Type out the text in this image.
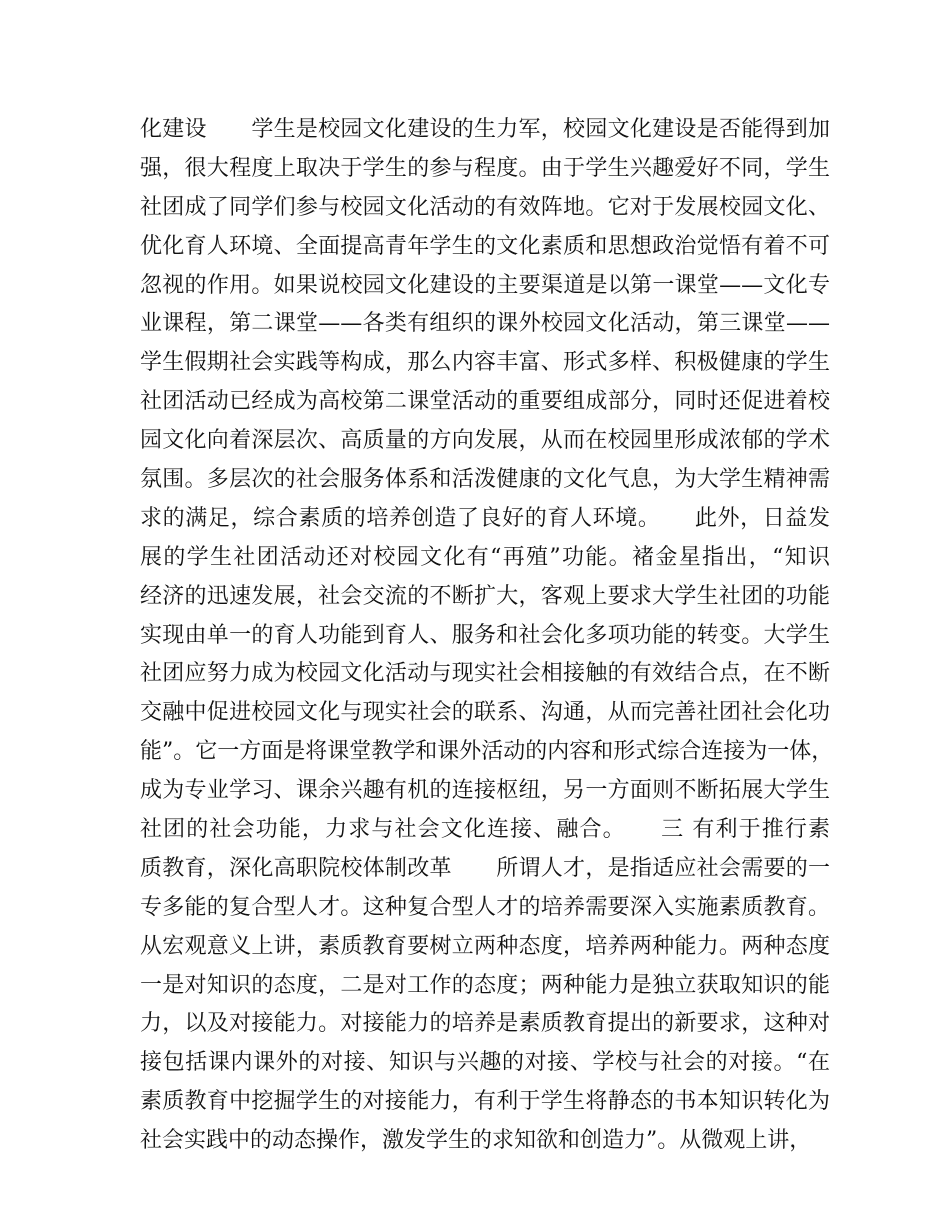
化建设　　学生是校园文化建设的生力军，校园文化建设是否能得到加
强，很大程度上取决于学生的参与程度。由于学生兴趣爱好不同，学生
社团成了同学们参与校园文化活动的有效阵地。它对于发展校园文化、
优化育人环境、全面提高青年学生的文化素质和思想政治觉悟有着不可
忽视的作用。如果说校园文化建设的主要渠道是以第一课堂——文化专
业课程，第二课堂——各类有组织的课外校园文化活动，第三课堂——
学生假期社会实践等构成，那么内容丰富、形式多样、积极健康的学生
社团活动已经成为高校第二课堂活动的重要组成部分，同时还促进着校
园文化向着深层次、高质量的方向发展，从而在校园里形成浓郁的学术
氛围。多层次的社会服务体系和活泼健康的文化气息，为大学生精神需
求的满足，综合素质的培养创造了良好的育人环境。　　此外，日益发
展的学生社团活动还对校园文化有“再殖”功能。褚金星指出，“知识
经济的迅速发展，社会交流的不断扩大，客观上要求大学生社团的功能
实现由单一的育人功能到育人、服务和社会化多项功能的转变。大学生
社团应努力成为校园文化活动与现实社会相接触的有效结合点，在不断
交融中促进校园文化与现实社会的联系、沟通，从而完善社团社会化功
能”。它一方面是将课堂教学和课外活动的内容和形式综合连接为一体，
成为专业学习、课余兴趣有机的连接枢纽，另一方面则不断拓展大学生
社团的社会功能，力求与社会文化连接、融合。　　三 有利于推行素
质教育，深化高职院校体制改革　　所谓人才，是指适应社会需要的一
专多能的复合型人才。这种复合型人才的培养需要深入实施素质教育。
从宏观意义上讲，素质教育要树立两种态度，培养两种能力。两种态度
一是对知识的态度，二是对工作的态度；两种能力是独立获取知识的能
力，以及对接能力。对接能力的培养是素质教育提出的新要求，这种对
接包括课内课外的对接、知识与兴趣的对接、学校与社会的对接。“在
素质教育中挖掘学生的对接能力，有利于学生将静态的书本知识转化为
社会实践中的动态操作，激发学生的求知欲和创造力”。从微观上讲，
